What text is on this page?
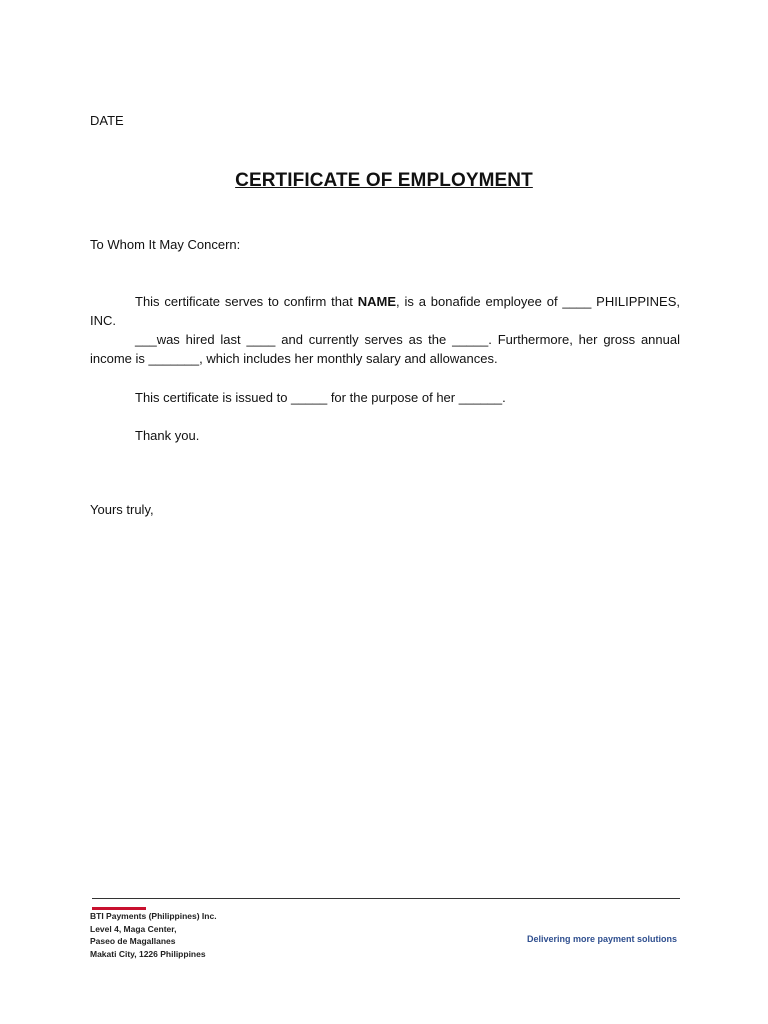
DATE
CERTIFICATE OF EMPLOYMENT
To Whom It May Concern:
This certificate serves to confirm that NAME, is a bonafide employee of ____ PHILIPPINES, INC.
___was hired last ____ and currently serves as the _____. Furthermore, her gross annual income is _______, which includes her monthly salary and allowances.
This certificate is issued to _____ for the purpose of her ______.
Thank you.
Yours truly,
BTI Payments (Philippines) Inc.
Level 4, Maga Center,
Paseo de Magallanes
Makati City, 1226 Philippines
Delivering more payment solutions
